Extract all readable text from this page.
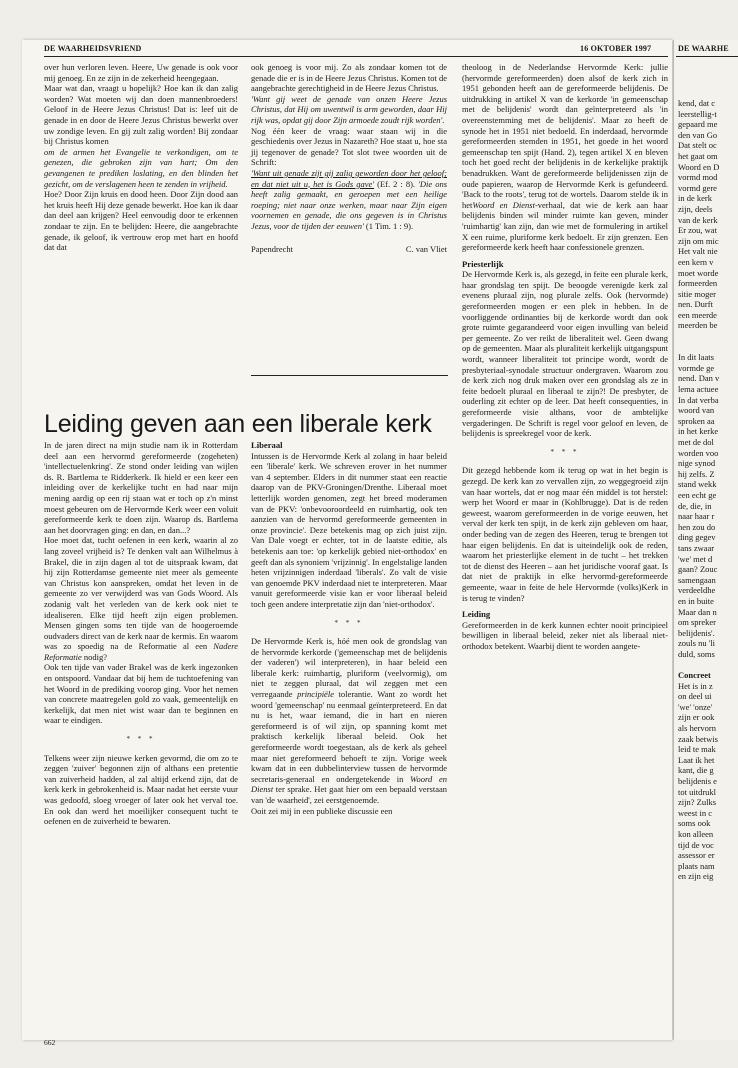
DE WAARHEIDSVRIEND	16 OKTOBER 1997	DE WAARHE

over hun verloren leven. Heere, Uw genade is ook voor mij genoeg. En ze zijn in de zekerheid heengegaan.

Maar wat dan, vraagt u hopelijk? Hoe kan ik dan zalig worden? Wat moeten wij dan doen mannenbroeders! Geloof in de Heere Jezus Christus! Dat is: leef uit de genade in en door de Heere Jezus Christus bewerkt over uw zondige leven. En gij zult zalig worden! Bij zondaar bij Christus komen

om de armen het Evangelie te verkondigen, om te genezen, die gebroken zijn van hart; Om den gevangenen te prediken loslating, en den blinden het gezicht, om de verslagenen heen te zenden in vrijheid.

Hoe? Door Zijn kruis en dood heen. Door Zijn dood aan het kruis heeft Hij deze genade bewerkt. Hoe kan ik daar dan deel aan krijgen? Heel eenvoudig door te erkennen zondaar te zijn. En te belijden: Heere, die aangebrachte genade, ik geloof, ik vertrouw erop met hart en hoofd dat dat

ook genoeg is voor mij. Zo als zondaar komen tot de genade die er is in de Heere Jezus Christus. Komen tot de aangebrachte gerechtigheid in de Heere Jezus Christus.

'Want gij weet de genade van onzen Heere Jezus Christus, dat Hij om uwentwil is arm geworden, daar Hij rijk was, opdat gij door Zijn armoede zoudt rijk worden'.

Nog één keer de vraag: waar staan wij in die geschiedenis over Jezus in Nazareth? Hoe staat u, hoe sta jij tegenover de genade? Tot slot twee woorden uit de Schrift:

'Want uit genade zijt gij zalig geworden door het geloof; en dat niet uit u, het is Gods gave' (Ef. 2 : 8). 'Die ons heeft zalig gemaakt, en geroepen met een heilige roeping; niet naar onze werken, maar naar Zijn eigen voornemen en genade, die ons gegeven is in Christus Jezus, voor de tijden der eeuwen' (1 Tim. 1 : 9).

Papendrecht	C. van Vliet

theoloog in de Nederlandse Hervormde Kerk: jullie (hervormde gereformeerden) doen alsof de kerk zich in 1951 gebonden heeft aan de gereformeerde belijdenis. De uitdrukking in artikel X van de kerkorde 'in gemeenschap met de belijdenis' wordt dan geïnterpreteerd als 'in overeenstemming met de belijdenis'. Maar zo heeft de synode het in 1951 niet bedoeld. En inderdaad, hervormde gereformeerden stemden in 1951, het goede in het woord gemeenschap ten spijt (Hand. 2), tegen artikel X en bleven toch het goed recht der belijdenis in de kerkelijke praktijk benadrukken. Want de gereformeerde belijdenissen zijn de oude papieren, waarop de Hervormde Kerk is gefundeerd. 'Back to the roots', terug tot de wortels. Daarom stelde ik in hetWoord en Dienst-verhaal, dat wie de kerk aan haar belijdenis binden wil minder ruimte kan geven, minder 'ruimhartig' kan zijn, dan wie met de formulering in artikel X een ruime, pluriforme kerk bedoelt. Er zijn grenzen. Een gereformeerde kerk heeft haar confessionele grenzen.

Priesterlijk

De Hervormde Kerk is, als gezegd, in feite een plurale kerk, haar grondslag ten spijt. De beoogde verenigde kerk zal evenens pluraal zijn, nog plurale zelfs. Ook (hervormde) gereformeerden mogen er een plek in hebben. In de voorliggende ordinanties bij de kerkorde wordt dan ook grote ruimte gegarandeerd voor eigen invulling van beleid per gemeente. Zo ver reikt de liberaliteit wel. Geen dwang op de gemeenten. Maar als pluraliteit kerkelijk uitgangspunt wordt, wanneer liberaliteit tot principe wordt, wordt de presbyteriaal-synodale structuur ondergraven. Waarom zou de kerk zich nog druk maken over een grondslag als ze in feite bedoelt pluraal en liberaal te zijn?! De presbyter, de ouderling zit echter op de leer. Dat heeft consequenties, in gereformeerde visie althans, voor de ambtelijke vergaderingen. De Schrift is regel voor geloof en leven, de belijdenis is spreekregel voor de kerk.

* * *

Dit gezegd hebbende kom ik terug op wat in het begin is gezegd. De kerk kan zo vervallen zijn, zo weggegroeid zijn van haar wortels, dat er nog maar één middel is tot herstel: werp het Woord er maar in (Kohlbrugge). Dat is de reden geweest, waarom gereformeerden in de vorige eeuwen, het verval der kerk ten spijt, in de kerk zijn gebleven om haar, onder beding van de zegen des Heeren, terug te brengen tot haar eigen belijdenis. En dat is uiteindelijk ook de reden, waarom het priesterlijke element in de tucht – het trekken tot de dienst des Heeren – aan het juridische vooraf gaat. Is dat niet de praktijk in elke hervormd-gereformeerde gemeente, waar in feite de hele Hervormde (volks)Kerk in is terug te vinden?

Leiding

Gereformeerden in de kerk kunnen echter nooit principieel bewilligen in liberaal beleid, zeker niet als liberaal niet-orthodox betekent. Waarbij dient te worden aangete-

Leiding geven aan een liberale kerk

In de jaren direct na mijn studie nam ik in Rotterdam deel aan een hervormd gereformeerde (zogeheten) 'intellectuelenkring'. Ze stond onder leiding van wijlen ds. R. Bartlema te Ridderkerk. Ik hield er een keer een inleiding over de kerkelijke tucht en had naar mijn mening aardig op een rij staan wat er toch op z'n minst moest gebeuren om de Hervormde Kerk weer een voluit gereformeerde kerk te doen zijn. Waarop ds. Bartlema aan het doorvragen ging: en dan, en dan...?

Hoe moet dat, tucht oefenen in een kerk, waarin al zo lang zoveel vrijheid is? Te denken valt aan Wilhelmus à Brakel, die in zijn dagen al tot de uitspraak kwam, dat hij zijn Rotterdamse gemeente niet meer als gemeente van Christus kon aanspreken, omdat het leven in de gemeente zo ver verwijderd was van Gods Woord. Als zodanig valt het verleden van de kerk ook niet te idealiseren. Elke tijd heeft zijn eigen problemen. Mensen gingen soms ten tijde van de hoogeroemde oudvaders direct van de kerk naar de kermis. En waarom was zo spoedig na de Reformatie al een Nadere Reformatie nodig?

Ook ten tijde van vader Brakel was de kerk ingezonken en ontspoord. Vandaar dat bij hem de tuchtoefening van het Woord in de prediking voorop ging. Voor het nemen van concrete maatregelen gold zo vaak, gemeentelijk en kerkelijk, dat men niet wist waar dan te beginnen en waar te eindigen.

* * *

Telkens weer zijn nieuwe kerken gevormd, die om zo te zeggen 'zuiver' begonnen zijn of althans een pretentie van zuiverheid hadden, al zal altijd erkend zijn, dat de kerk kerk in gebrokenheid is. Maar nadat het eerste vuur was gedoofd, sloeg vroeger of later ook het verval toe. En ook dan werd het moeilijker consequent tucht te oefenen en de zuiverheid te bewaren.

Liberaal

Intussen is de Hervormde Kerk al zolang in haar beleid een 'liberale' kerk. We schreven erover in het nummer van 4 september. Elders in dit nummer staat een reactie daarop van de PKV-Groningen/Drenthe. Liberaal moet letterlijk worden genomen, zegt het breed moderamen van de PKV: 'onbevooroordeeld en ruimhartig, ook ten aanzien van de hervormd gereformeerde gemeenten in onze provincie'. Deze betekenis mag op zich juist zijn. Van Dale voegt er echter, tot in de laatste editie, als betekenis aan toe: 'op kerkelijk gebied niet-orthodox' en geeft dan als synoniem 'vrijzinnig'. In engelstalige landen heten vrijzinnigen inderdaad 'liberals'. Zo valt de visie van genoemde PKV inderdaad niet te interpreteren. Maar vanuit gereformeerde visie kan er voor liberaal beleid toch geen andere interpretatie zijn dan 'niet-orthodox'.

* * *

De Hervormde Kerk is, hóé men ook de grondslag van de hervormde kerkorde ('gemeenschap met de belijdenis der vaderen') wil interpreteren), in haar beleid een liberale kerk: ruimhartig, pluriform (veelvormig), om niet te zeggen pluraal, dat wil zeggen met een verregaande principiële tolerantie. Want zo wordt het woord 'gemeenschap' nu eenmaal geïnterpreteerd. En dat nu is het, waar iemand, die in hart en nieren gereformeerd is of wil zijn, op spanning komt met praktisch kerkelijk liberaal beleid. Ook het gereformeerde wordt toegestaan, als de kerk als geheel maar niet gereformeerd behoeft te zijn. Vorige week kwam dat in een dubbelinterview tussen de hervormde secretaris-generaal en ondergetekende in Woord en Dienst ter sprake. Het gaat hier om een bepaald verstaan van 'de waarheid', zei eerstgenoemde.

Ooit zei mij in een publieke discussie een

662

kend, dat c

leerstellig-t

gepaard me

den van Go

Dat stelt oc

het gaat om

Woord en D

vormd mod

vormd gere

in de kerk

zijn, deels

van de kerk

Er zou, wat

zijn om mic

Het valt nie

een kern v

moet worde

formeerden

sitie moger

nen. Durft

een meerde

meerden be

In dit laats

vormde ge

nend. Dan v

lema actuee

In dat verba

woord van

sproken aa

in het kerke

met de dol

worden voo

nige synod

hij zelfs. Z

stand wekk

een echt ge

de, die, in

naar haar r

hen zou do

ding gegev

tans zwaar

'we' met d

gaan? Zouc

samengaan

verdeeldhe

en in buite

Maar dan n

om spreker

belijdenis'.

zouls nu 'li

duld, soms

Concreet

Het is in z

on deel ui

'we' 'onze'

zijn er ook

als hervorn

zaak betwis

leid te mak

Laat ik het

kant, die g

belijdenis e

tot uitdrukl

zijn? Zulks

weest in c

soms ook

kon alleen

tijd de voc

assessor er

plaats nam

en zijn eig
